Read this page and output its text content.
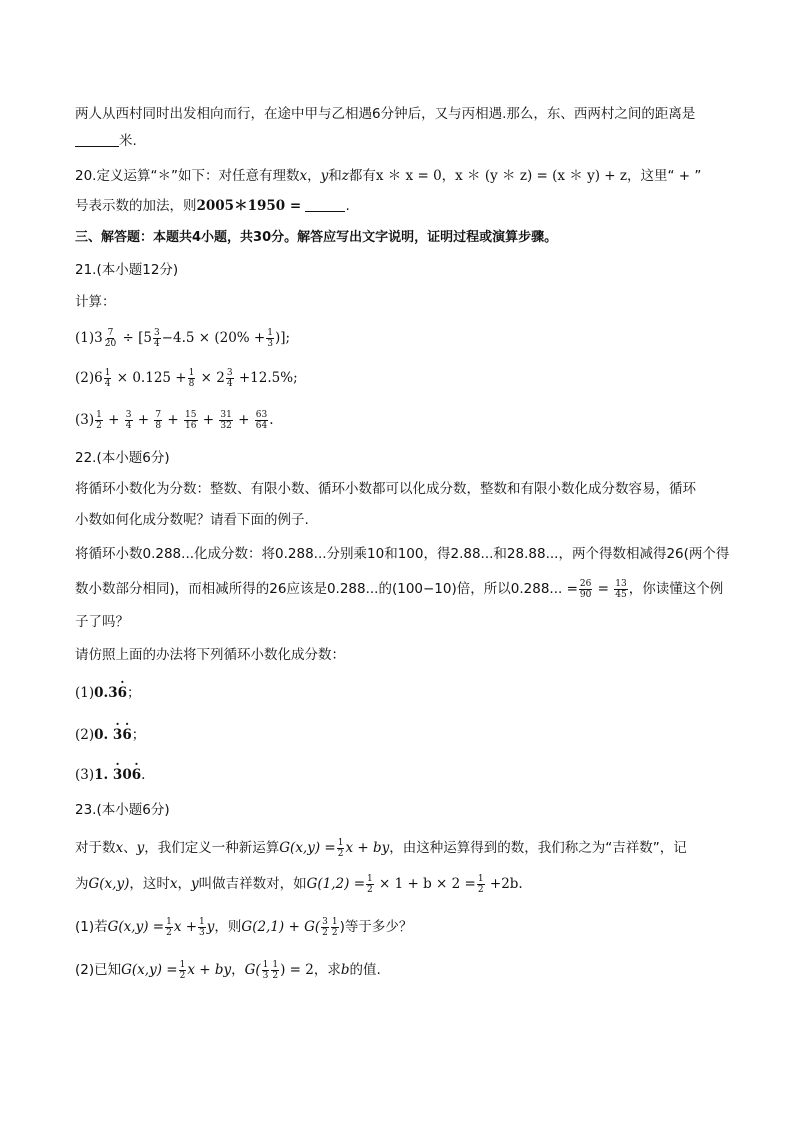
两人从西村同时出发相向而行，在途中甲与乙相遇6分钟后，又与丙相遇.那么，东、西两村之间的距离是
米.
20.定义运算“＊”如下：对任意有理数x，y和z都有x ＊ x = 0，x ＊ (y ＊ z) = (x ＊ y) + z，这里“ + ”
号表示数的加法，则2005＊1950 =	.
三、解答题：本题共4小题，共30分。解答应写出文字说明，证明过程或演算步骤。
21.(本小题12分)
计算：
(1) $3 \frac{7}{20}$ ÷ [ $5 \frac{3}{4} -4.5 \times (20\% + \frac{1}{3}$ )];
(2) $6 \frac{1}{4} \times 0.125 + \frac{1}{8} \times 2 \frac{3}{4} +12.5\%$;
$(3) \frac{1}{2} + \frac{3}{4} + \frac{7}{8} + \frac{15}{16} + \frac{31}{32} + \frac{63}{64}$ .
22.(本小题6分)
将循环小数化为分数：整数、有限小数、循环小数都可以化成分数，整数和有限小数化成分数容易，循环
小数如何化成分数呢？请看下面的例子.
将循环小数0.288...化成分数：将0.288...分别乘10和100，得2.88...和28.88...，两个得数相减得26(两个得
数小数部分相同)，而相减所得的26应该是0.288...的(100−10)倍，所以0.288... = $\frac{26}{90} = \frac{13}{45}$ ，你读懂这个例
子了吗？
请仿照上面的办法将下列循环小数化成分数：
(1)0.3· 6；
(2)0. · 3· 6；
(3)1. · 30· 6.
23.(本小题6分)
对于数x、y，我们定义一种新运算$G(x,y) = \frac{1}{2}$ x + by，由这种运算得到的数，我们称之为“吉祥数”，记
为G(x,y)，这时x，y叫做吉祥数对，如$G(1,2) = \frac{1}{2} \times 1 + b \times 2 = \frac{1}{2} +2b$.
(1)若$G(x,y) = \frac{1}{2}$ $x + \frac{1}{3}$ y，则$G(2,1) + G( \frac{3}{2} \frac{1}{2}$ )等于多少？
(2)已知$G(x,y) = \frac{1}{2}$ x + by，$G( \frac{1}{3} \frac{1}{2}$ ) = 2，求b的值.
